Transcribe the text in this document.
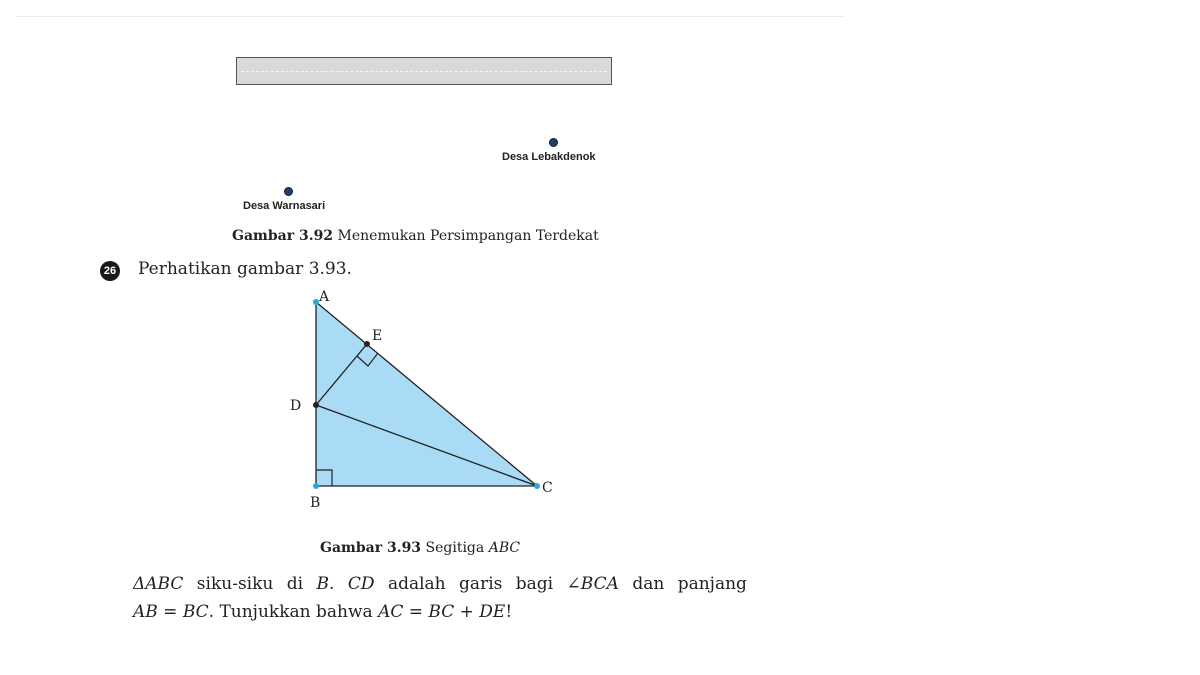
Desa Lebakdenok
Desa Warnasari
Gambar 3.92 Menemukan Persimpangan Terdekat
26 Perhatikan gambar 3.93.
A
E
D
B
C
Gambar 3.93 Segitiga ABC
ΔABC siku-siku di B. CD adalah garis bagi ∠BCA dan panjang
AB = BC. Tunjukkan bahwa AC = BC + DE!
